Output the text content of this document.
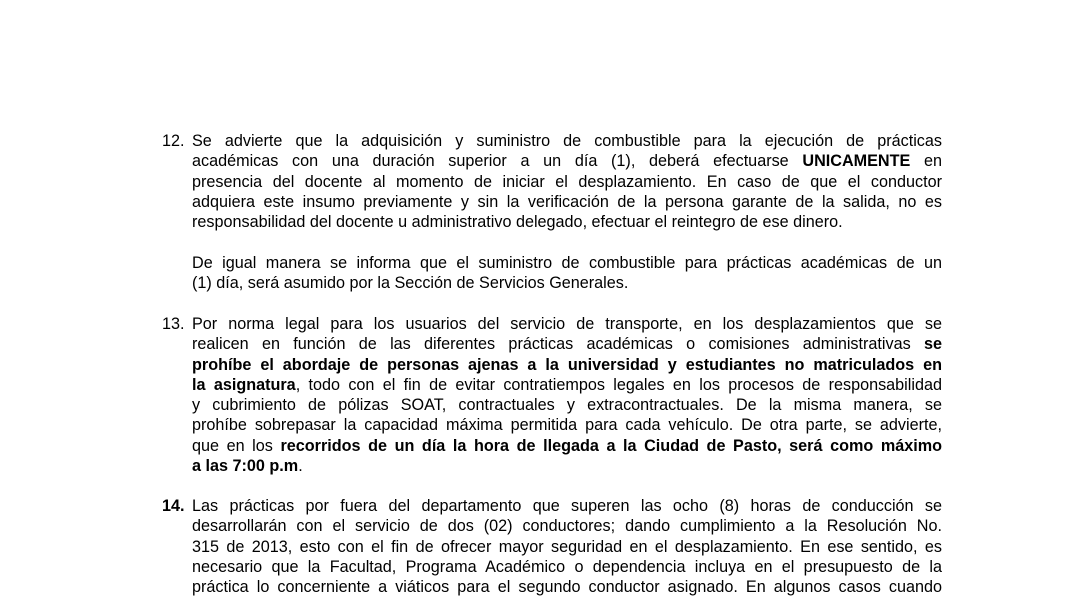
12. Se advierte que la adquisición y suministro de combustible para la ejecución de prácticas
académicas con una duración superior a un día (1), deberá efectuarse UNICAMENTE en
presencia del docente al momento de iniciar el desplazamiento. En caso de que el conductor
adquiera este insumo previamente y sin la verificación de la persona garante de la salida, no es
responsabilidad del docente u administrativo delegado, efectuar el reintegro de ese dinero.

De igual manera se informa que el suministro de combustible para prácticas académicas de un
(1) día, será asumido por la Sección de Servicios Generales.

13. Por norma legal para los usuarios del servicio de transporte, en los desplazamientos que se
realicen en función de las diferentes prácticas académicas o comisiones administrativas se
prohíbe el abordaje de personas ajenas a la universidad y estudiantes no matriculados en
la asignatura, todo con el fin de evitar contratiempos legales en los procesos de responsabilidad
y cubrimiento de pólizas SOAT, contractuales y extracontractuales. De la misma manera, se
prohíbe sobrepasar la capacidad máxima permitida para cada vehículo. De otra parte, se advierte,
que en los recorridos de un día la hora de llegada a la Ciudad de Pasto, será como máximo
a las 7:00 p.m.

14. Las prácticas por fuera del departamento que superen las ocho (8) horas de conducción se
desarrollarán con el servicio de dos (02) conductores; dando cumplimiento a la Resolución No.
315 de 2013, esto con el fin de ofrecer mayor seguridad en el desplazamiento. En ese sentido, es
necesario que la Facultad, Programa Académico o dependencia incluya en el presupuesto de la
práctica lo concerniente a viáticos para el segundo conductor asignado. En algunos casos cuando
